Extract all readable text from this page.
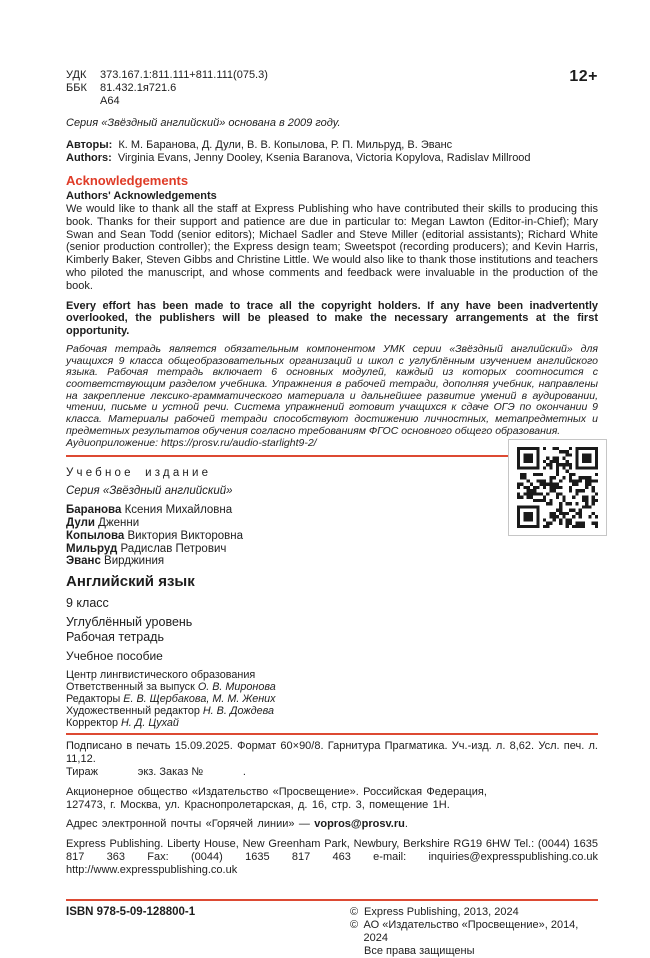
УДК	373.167.1:811.111+811.111(075.3)
ББК	81.432.1я721.6
А64
12+
Серия «Звёздный английский» основана в 2009 году.
Авторы: К. М. Баранова, Д. Дули, В. В. Копылова, Р. П. Мильруд, В. Эванс
Authors: Virginia Evans, Jenny Dooley, Ksenia Baranova, Victoria Kopylova, Radislav Millrood
Acknowledgements
Authors' Acknowledgements
We would like to thank all the staff at Express Publishing who have contributed their skills to producing this book. Thanks for their support and patience are due in particular to: Megan Lawton (Editor-in-Chief); Mary Swan and Sean Todd (senior editors); Michael Sadler and Steve Miller (editorial assistants); Richard White (senior production controller); the Express design team; Sweetspot (recording producers); and Kevin Harris, Kimberly Baker, Steven Gibbs and Christine Little. We would also like to thank those institutions and teachers who piloted the manuscript, and whose comments and feedback were invaluable in the production of the book.
Every effort has been made to trace all the copyright holders. If any have been inadvertently overlooked, the publishers will be pleased to make the necessary arrangements at the first opportunity.
Рабочая тетрадь является обязательным компонентом УМК серии «Звёздный английский» для учащихся 9 класса общеобразовательных организаций и школ с углублённым изучением английского языка. Рабочая тетрадь включает 6 основных модулей, каждый из которых соотносится с соответствующим разделом учебника. Упражнения в рабочей тетради, дополняя учебник, направлены на закрепление лексико-грамматического материала и дальнейшее развитие умений в аудировании, чтении, письме и устной речи. Система упражнений готовит учащихся к сдаче ОГЭ по окончании 9 класса. Материалы рабочей тетради способствуют достижению личностных, метапредметных и предметных результатов обучения согласно требованиям ФГОС основного общего образования.
Аудиоприложение: https://prosv.ru/audio-starlight9-2/
Учебное издание
Серия «Звёздный английский»
Баранова Ксения Михайловна
Дули Дженни
Копылова Виктория Викторовна
Мильруд Радислав Петрович
Эванс Вирджиния
Английский язык
9 класс
Углублённый уровень
Рабочая тетрадь
Учебное пособие
Центр лингвистического образования
Ответственный за выпуск О. В. Миронова
Редакторы Е. В. Щербакова, М. М. Жених
Художественный редактор Н. В. Дождева
Корректор Н. Д. Цухай
Подписано в печать 15.09.2025. Формат 60×90/8. Гарнитура Прагматика. Уч.-изд. л. 8,62. Усл. печ. л. 11,12.
Тираж             экз. Заказ №             .
Акционерное общество «Издательство «Просвещение». Российская Федерация,
127473, г. Москва, ул. Краснопролетарская, д. 16, стр. 3, помещение 1Н.
Адрес электронной почты «Горячей линии» — vopros@prosv.ru.
Express Publishing. Liberty House, New Greenham Park, Newbury, Berkshire RG19 6HW Tel.: (0044) 1635 817 363 Fax: (0044) 1635 817 463 e-mail: inquiries@expresspublishing.co.uk http://www.expresspublishing.co.uk
ISBN 978-5-09-128800-1	© Express Publishing, 2013, 2024
© АО «Издательство «Просвещение», 2014, 2024
Все права защищены
